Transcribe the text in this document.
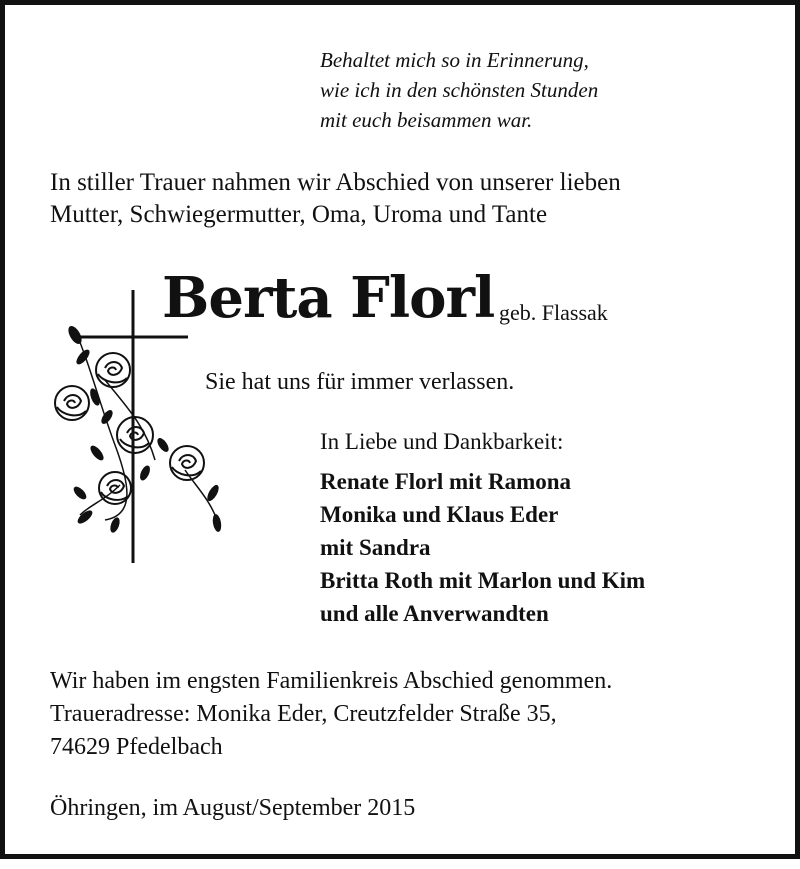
Behaltet mich so in Erinnerung,
wie ich in den schönsten Stunden
mit euch beisammen war.
In stiller Trauer nahmen wir Abschied von unserer lieben
Mutter, Schwiegermutter, Oma, Uroma und Tante
Berta Florl geb. Flassak
Sie hat uns für immer verlassen.
In Liebe und Dankbarkeit:
Renate Florl mit Ramona
Monika und Klaus Eder
mit Sandra
Britta Roth mit Marlon und Kim
und alle Anverwandten
Wir haben im engsten Familienkreis Abschied genommen.
Traueradresse: Monika Eder, Creutzfelder Straße 35,
74629 Pfedelbach
Öhringen, im August/September 2015
